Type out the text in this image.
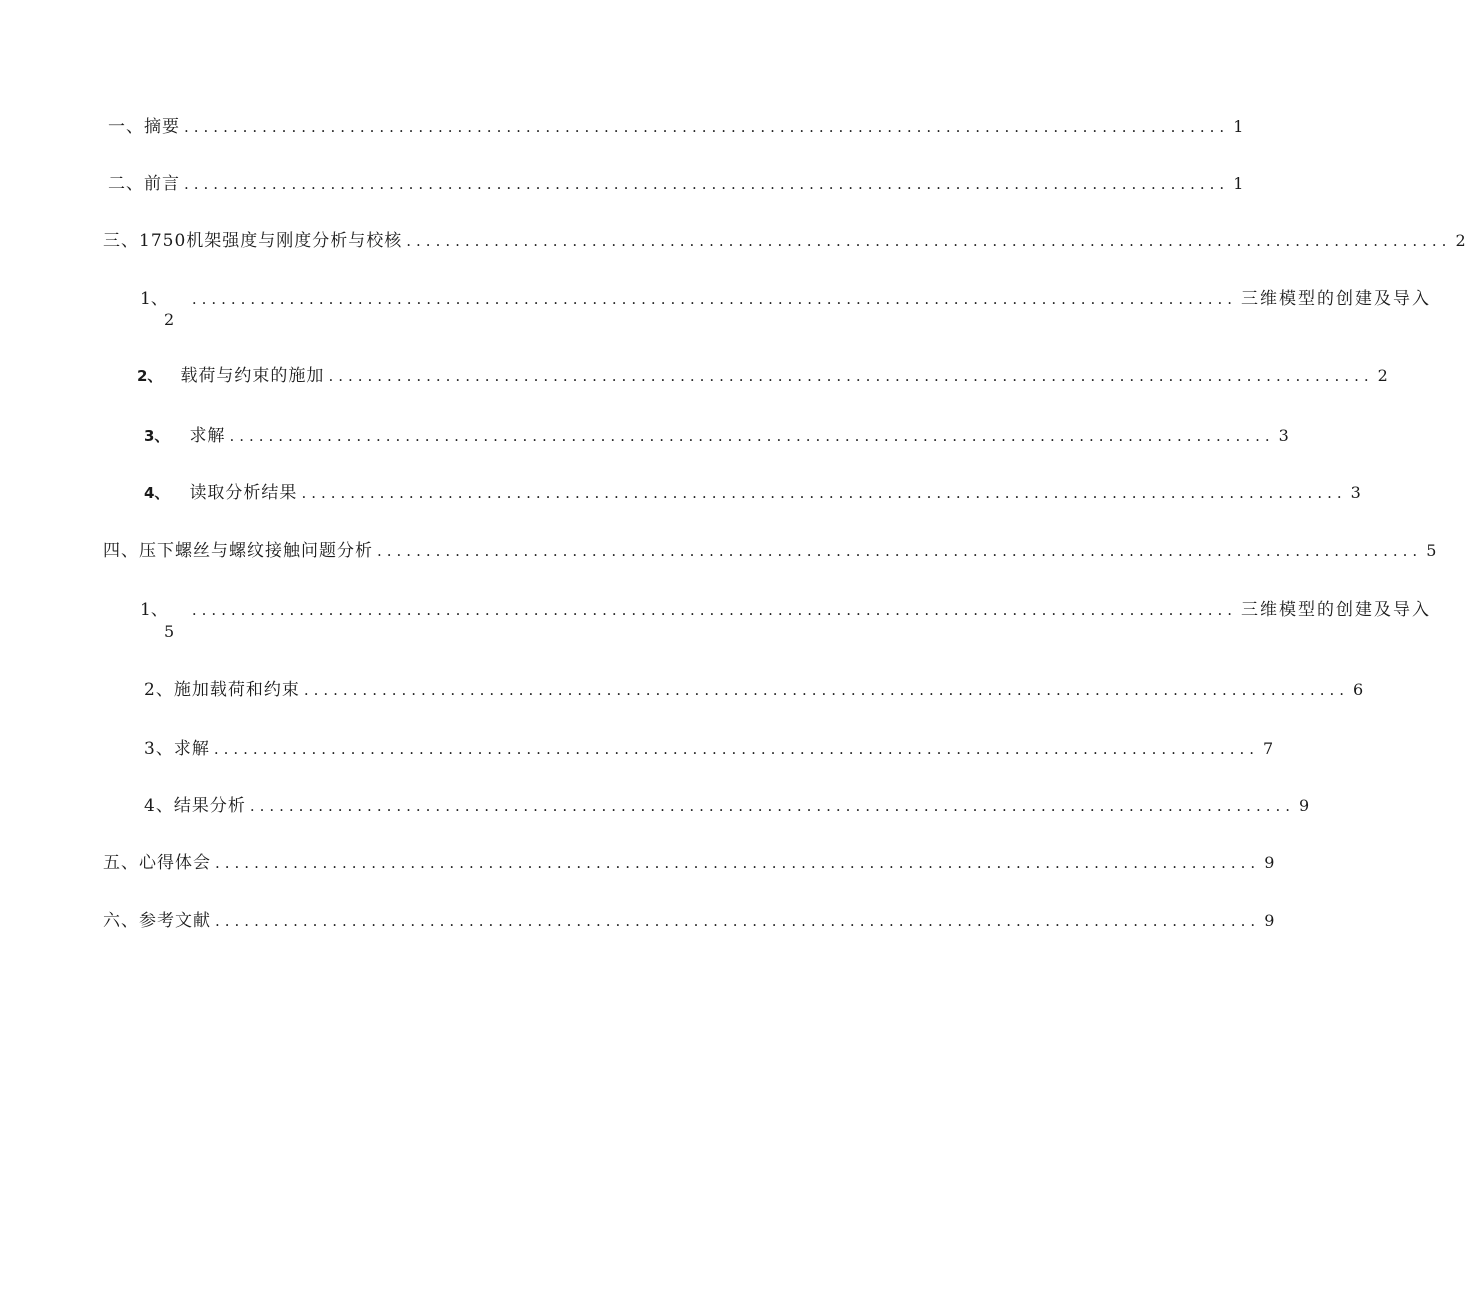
一、摘要 ........................................................................................................... 1
二、前言 ........................................................................................................... 1
三、1750机架强度与刚度分析与校核 ........................................................................................................... 2
1、	........................................................................................................... 三维模型的创建及导入
2
2、 载荷与约束的施加 ........................................................................................................... 2
3、 求解 ........................................................................................................... 3
4、 读取分析结果 ........................................................................................................... 3
四、压下螺丝与螺纹接触问题分析 ........................................................................................................... 5
1、	........................................................................................................... 三维模型的创建及导入
5
2、施加载荷和约束 ........................................................................................................... 6
3、求解 ........................................................................................................... 7
4、结果分析 ........................................................................................................... 9
五、心得体会 ........................................................................................................... 9
六、参考文献 ........................................................................................................... 9
